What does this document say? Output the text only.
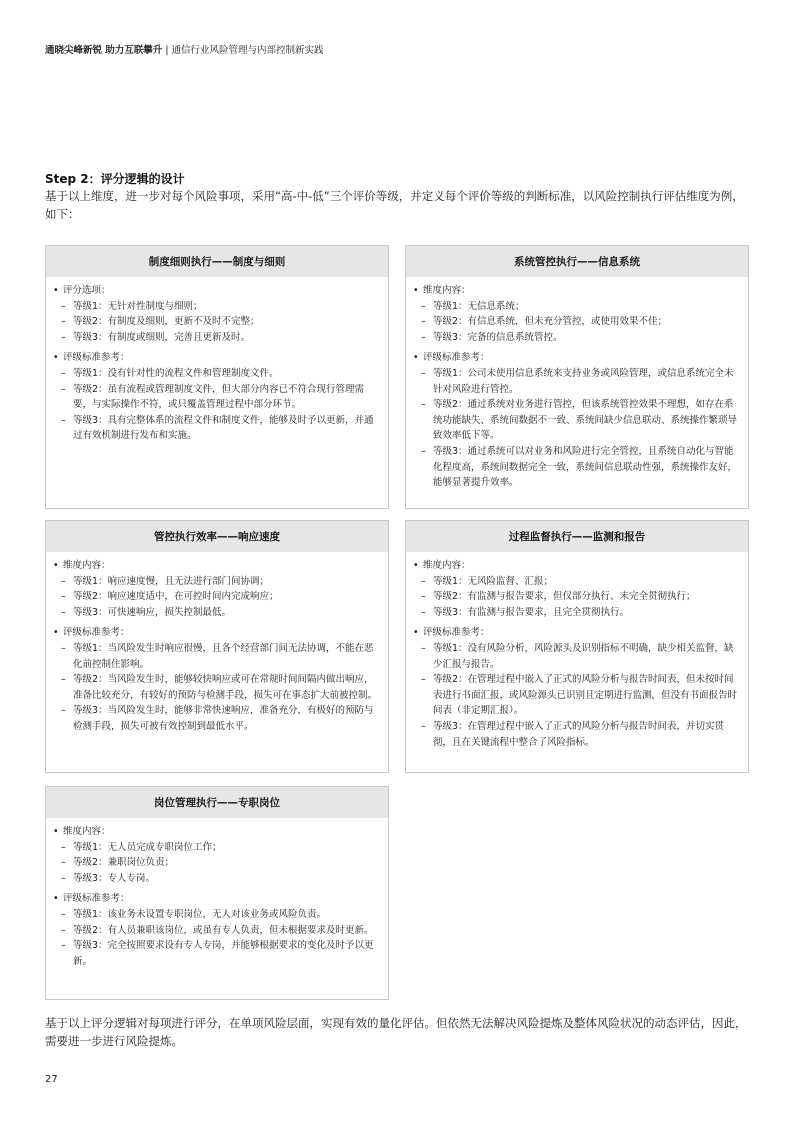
通晓尖峰新锐 助力互联攀升 | 通信行业风险管理与内部控制新实践
Step 2：评分逻辑的设计
基于以上维度，进一步对每个风险事项，采用“高-中-低”三个评价等级，并定义每个评价等级的判断标准，以风险控制执行评估维度为例，如下：
制度细则执行——制度与细则
• 评分选项：
– 等级1：无针对性制度与细则；
– 等级2：有制度及细则，更新不及时不完整；
– 等级3：有制度或细则，完善且更新及时。
• 评级标准参考：
– 等级1：没有针对性的流程文件和管理制度文件。
– 等级2：虽有流程或管理制度文件，但大部分内容已不符合现行管理需要，与实际操作不符，或只覆盖管理过程中部分环节。
– 等级3：具有完整体系的流程文件和制度文件，能够及时予以更新，并通过有效机制进行发布和实施。
系统管控执行——信息系统
• 维度内容：
– 等级1：无信息系统；
– 等级2：有信息系统，但未充分管控，或使用效果不佳；
– 等级3：完备的信息系统管控。
• 评级标准参考：
– 等级1：公司未使用信息系统来支持业务或风险管理，或信息系统完全未针对风险进行管控。
– 等级2：通过系统对业务进行管控，但该系统管控效果不理想，如存在系统功能缺失、系统间数据不一致、系统间缺少信息联动、系统操作繁琐导致效率低下等。
– 等级3：通过系统可以对业务和风险进行完全管控，且系统自动化与智能化程度高，系统间数据完全一致，系统间信息联动性强，系统操作友好，能够显著提升效率。
管控执行效率——响应速度
• 维度内容：
– 等级1：响应速度慢，且无法进行部门间协调；
– 等级2：响应速度适中，在可控时间内完成响应；
– 等级3：可快速响应，损失控制最低。
• 评级标准参考：
– 等级1：当风险发生时响应很慢，且各个经营部门间无法协调，不能在恶化前控制住影响。
– 等级2：当风险发生时，能够较快响应或可在常规时间间隔内做出响应，准备比较充分，有较好的预防与检测手段，损失可在事态扩大前被控制。
– 等级3：当风险发生时，能够非常快速响应，准备充分，有极好的预防与检测手段，损失可被有效控制到最低水平。
过程监督执行——监测和报告
• 维度内容：
– 等级1：无风险监督、汇报；
– 等级2：有监测与报告要求，但仅部分执行、未完全贯彻执行；
– 等级3：有监测与报告要求，且完全贯彻执行。
• 评级标准参考：
– 等级1：没有风险分析，风险源头及识别指标不明确，缺少相关监督，缺少汇报与报告。
– 等级2：在管理过程中嵌入了正式的风险分析与报告时间表，但未按时间表进行书面汇报，或风险源头已识别且定期进行监测，但没有书面报告时间表（非定期汇报）。
– 等级3：在管理过程中嵌入了正式的风险分析与报告时间表，并切实贯彻，且在关键流程中整合了风险指标。
岗位管理执行——专职岗位
• 维度内容：
– 等级1：无人员完成专职岗位工作；
– 等级2：兼职岗位负责；
– 等级3：专人专岗。
• 评级标准参考：
– 等级1：该业务未设置专职岗位，无人对该业务或风险负责。
– 等级2：有人员兼职该岗位，或虽有专人负责，但未根据要求及时更新。
– 等级3：完全按照要求设有专人专岗，并能够根据要求的变化及时予以更新。
基于以上评分逻辑对每项进行评分，在单项风险层面，实现有效的量化评估。但依然无法解决风险提炼及整体风险状况的动态评估，因此，需要进一步进行风险提炼。
27
